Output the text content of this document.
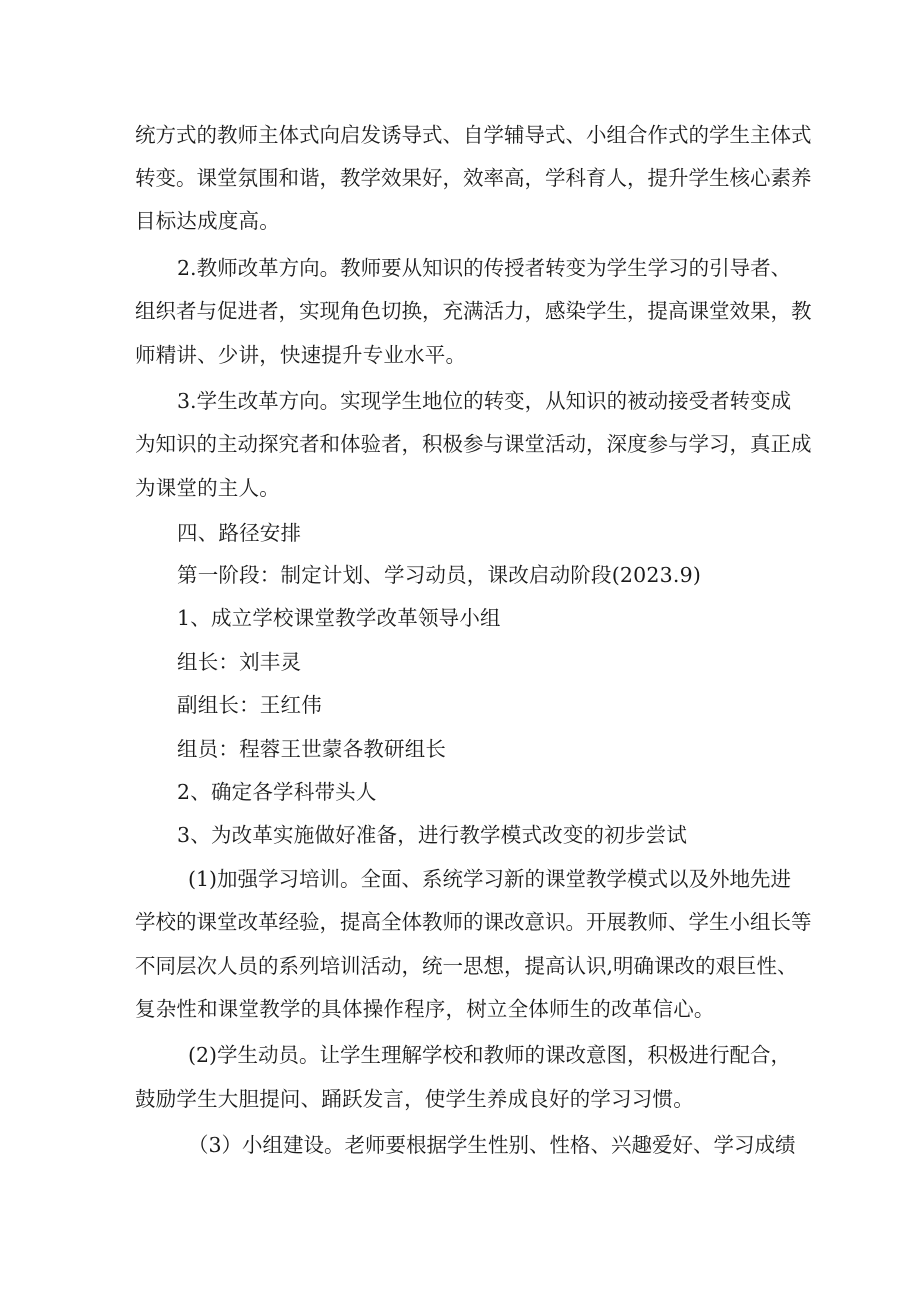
统 方 式 的 教 师 主 体 式 向 启 发 诱 导 式 、 自 学 辅 导 式 、 小 组 合 作 式 的 学 生 主 体 式
转 变 。 课 堂 氛 围 和 谐 ， 教 学 效 果 好 ， 效 率 高 ， 学 科 育 人 ， 提 升 学 生 核 心 素 养
目标达成度高。
2 . 教 师 改 革 方 向 。 教 师 要 从 知 识 的 传 授 者 转 变 为 学 生 学 习 的 引 导 者 、
组 织 者 与 促 进 者 ， 实 现 角 色 切 换 ， 充 满 活 力 ， 感 染 学 生 ， 提 高 课 堂 效 果 ， 教
师精讲、少讲，快速提升专业水平。
3 . 学 生 改 革 方 向 。 实 现 学 生 地 位 的 转 变 ， 从 知 识 的 被 动 接 受 者 转 变 成
为 知 识 的 主 动 探 究 者 和 体 验 者 ， 积 极 参 与 课 堂 活 动 ， 深 度 参 与 学 习 ， 真 正 成
为课堂的主人。
四、路径安排
第一阶段：制定计划、学习动员，课改启动阶段(2023.9)
1、成立学校课堂教学改革领导小组
组长：刘丰灵
副组长：王红伟
组员：程蓉王世蒙各教研组长
2、确定各学科带头人
3、为改革实施做好准备，进行教学模式改变的初步尝试
( 1 ) 加 强 学 习 培 训 。 全 面 、 系 统 学 习 新 的 课 堂 教 学 模 式 以 及 外 地 先 进
学 校 的 课 堂 改 革 经 验 ， 提 高 全 体 教 师 的 课 改 意 识 。 开 展 教 师 、 学 生 小 组 长 等
不 同 层 次 人 员 的 系 列 培 训 活 动 ， 统 一 思 想 ， 提 高 认 识 , 明 确 课 改 的 艰 巨 性 、
复杂性和课堂教学的具体操作程序，树立全体师生的改革信心。
( 2 ) 学 生 动 员 。 让 学 生 理 解 学 校 和 教 师 的 课 改 意 图 ， 积 极 进 行 配 合 ，
鼓励学生大胆提问、踊跃发言，使学生养成良好的学习习惯。
（ 3 ） 小 组 建 设 。 老 师 要 根 据 学 生 性 别 、 性 格 、 兴 趣 爱 好 、 学 习 成 绩
